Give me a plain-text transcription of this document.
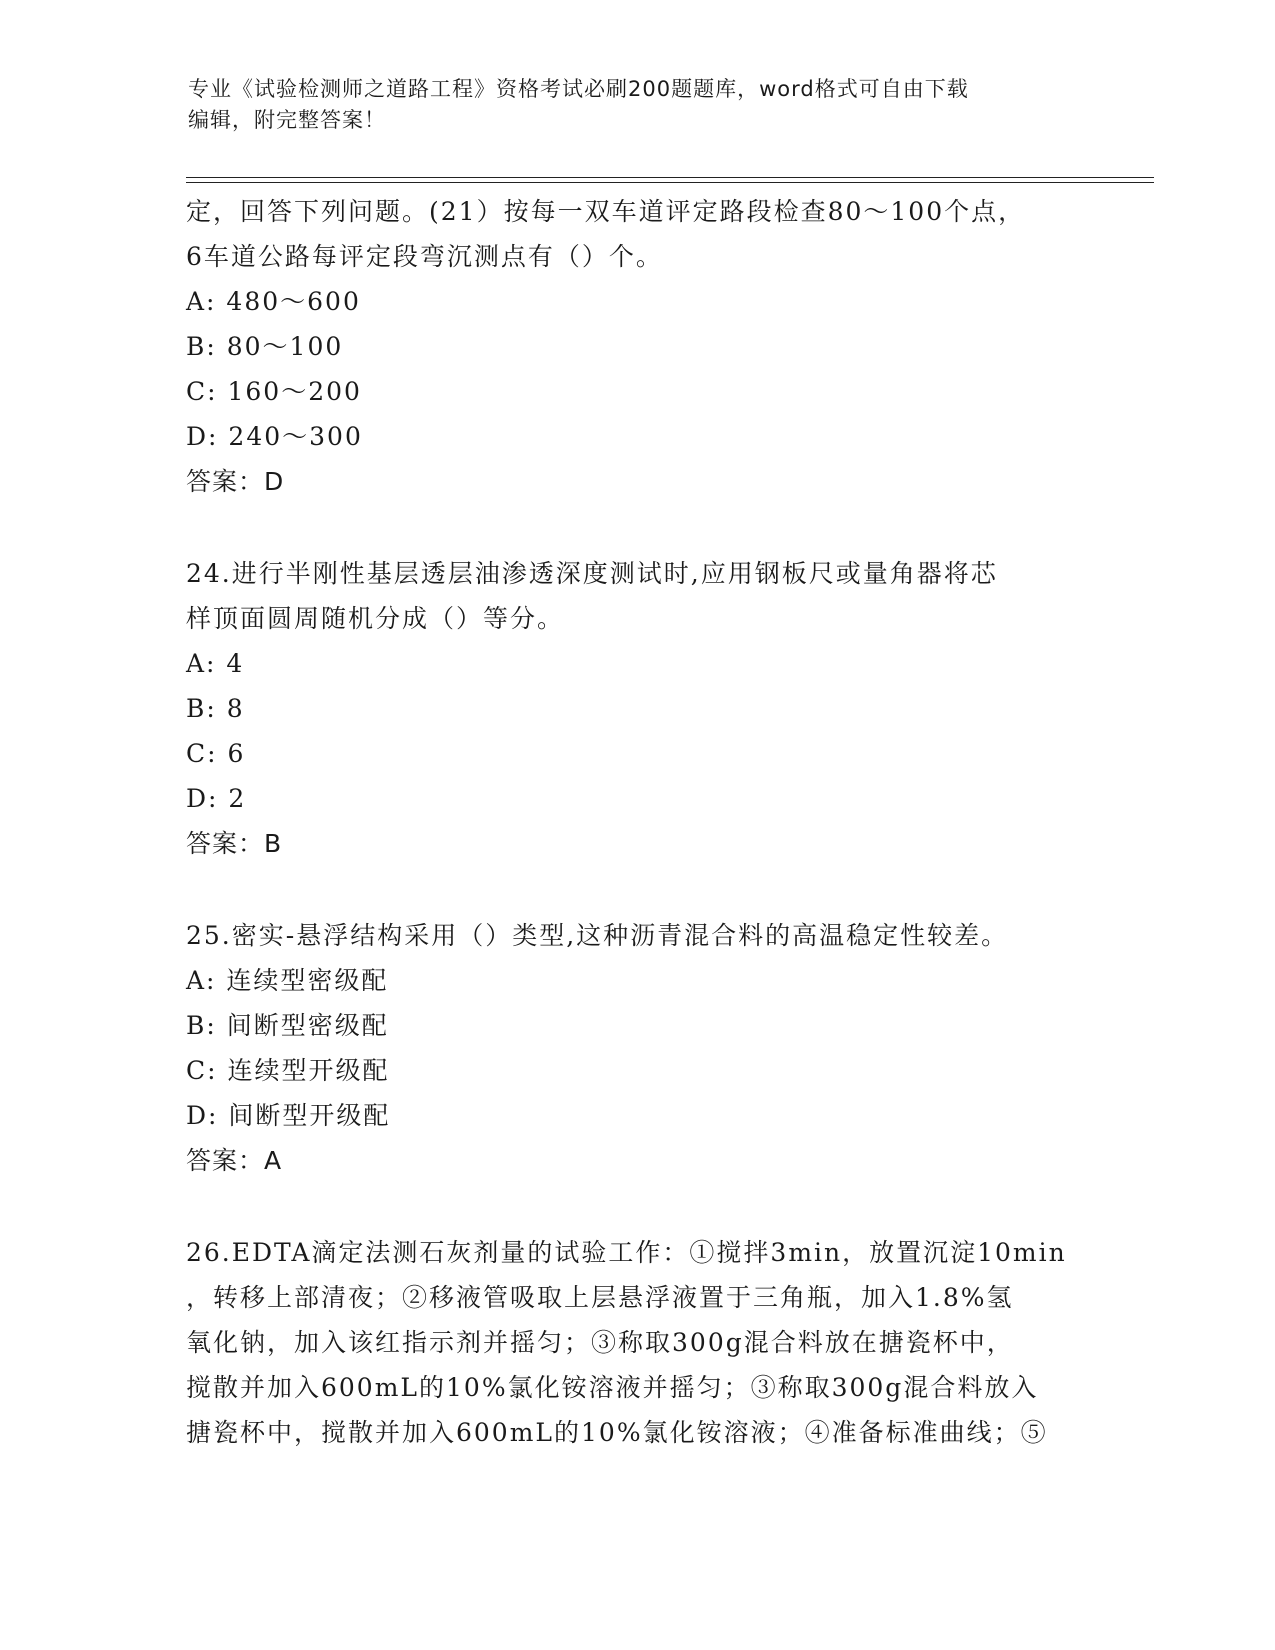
专业《试验检测师之道路工程》资格考试必刷200题题库，word格式可自由下载
编辑，附完整答案！
定，回答下列问题。(21）按每一双车道评定路段检查80～100个点，
6车道公路每评定段弯沉测点有（）个。
A: 480～600
B: 80～100
C: 160～200
D: 240～300
答案：D
24.进行半刚性基层透层油渗透深度测试时,应用钢板尺或量角器将芯
样顶面圆周随机分成（）等分。
A: 4
B: 8
C: 6
D: 2
答案：B
25.密实-悬浮结构采用（）类型,这种沥青混合料的高温稳定性较差。
A: 连续型密级配
B: 间断型密级配
C: 连续型开级配
D: 间断型开级配
答案：A
26.EDTA滴定法测石灰剂量的试验工作：①搅拌3min，放置沉淀10min
，转移上部清夜；②移液管吸取上层悬浮液置于三角瓶，加入1.8%氢
氧化钠，加入该红指示剂并摇匀；③称取300g混合料放在搪瓷杯中，
搅散并加入600mL的10%氯化铵溶液并摇匀；③称取300g混合料放入
搪瓷杯中，搅散并加入600mL的10%氯化铵溶液；④准备标准曲线；⑤
